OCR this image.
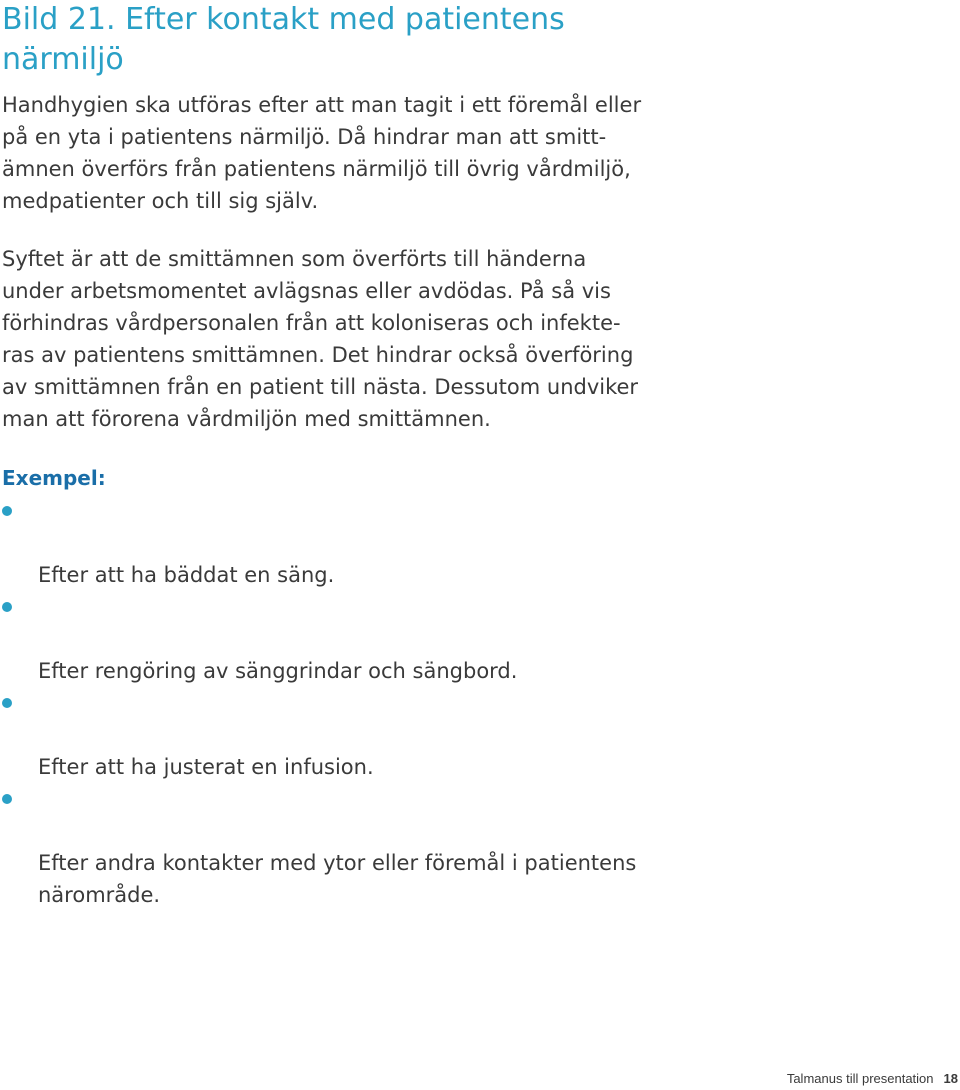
Bild 21. Efter kontakt med patientens
närmiljö

Handhygien ska utföras efter att man tagit i ett föremål eller
på en yta i patientens närmiljö. Då hindrar man att smitt-
ämnen överförs från patientens närmiljö till övrig vårdmiljö,
medpatienter och till sig själv.

Syftet är att de smittämnen som överförts till händerna
under arbetsmomentet avlägsnas eller avdödas. På så vis
förhindras vårdpersonalen från att koloniseras och infekte-
ras av patientens smittämnen. Det hindrar också överföring
av smittämnen från en patient till nästa. Dessutom undviker
man att förorena vårdmiljön med smittämnen.

Exempel:

Efter att ha bäddat en säng.

Efter rengöring av sänggrindar och sängbord.

Efter att ha justerat en infusion.

Efter andra kontakter med ytor eller föremål i patientens
närområde.

Talmanus till presentation 18
